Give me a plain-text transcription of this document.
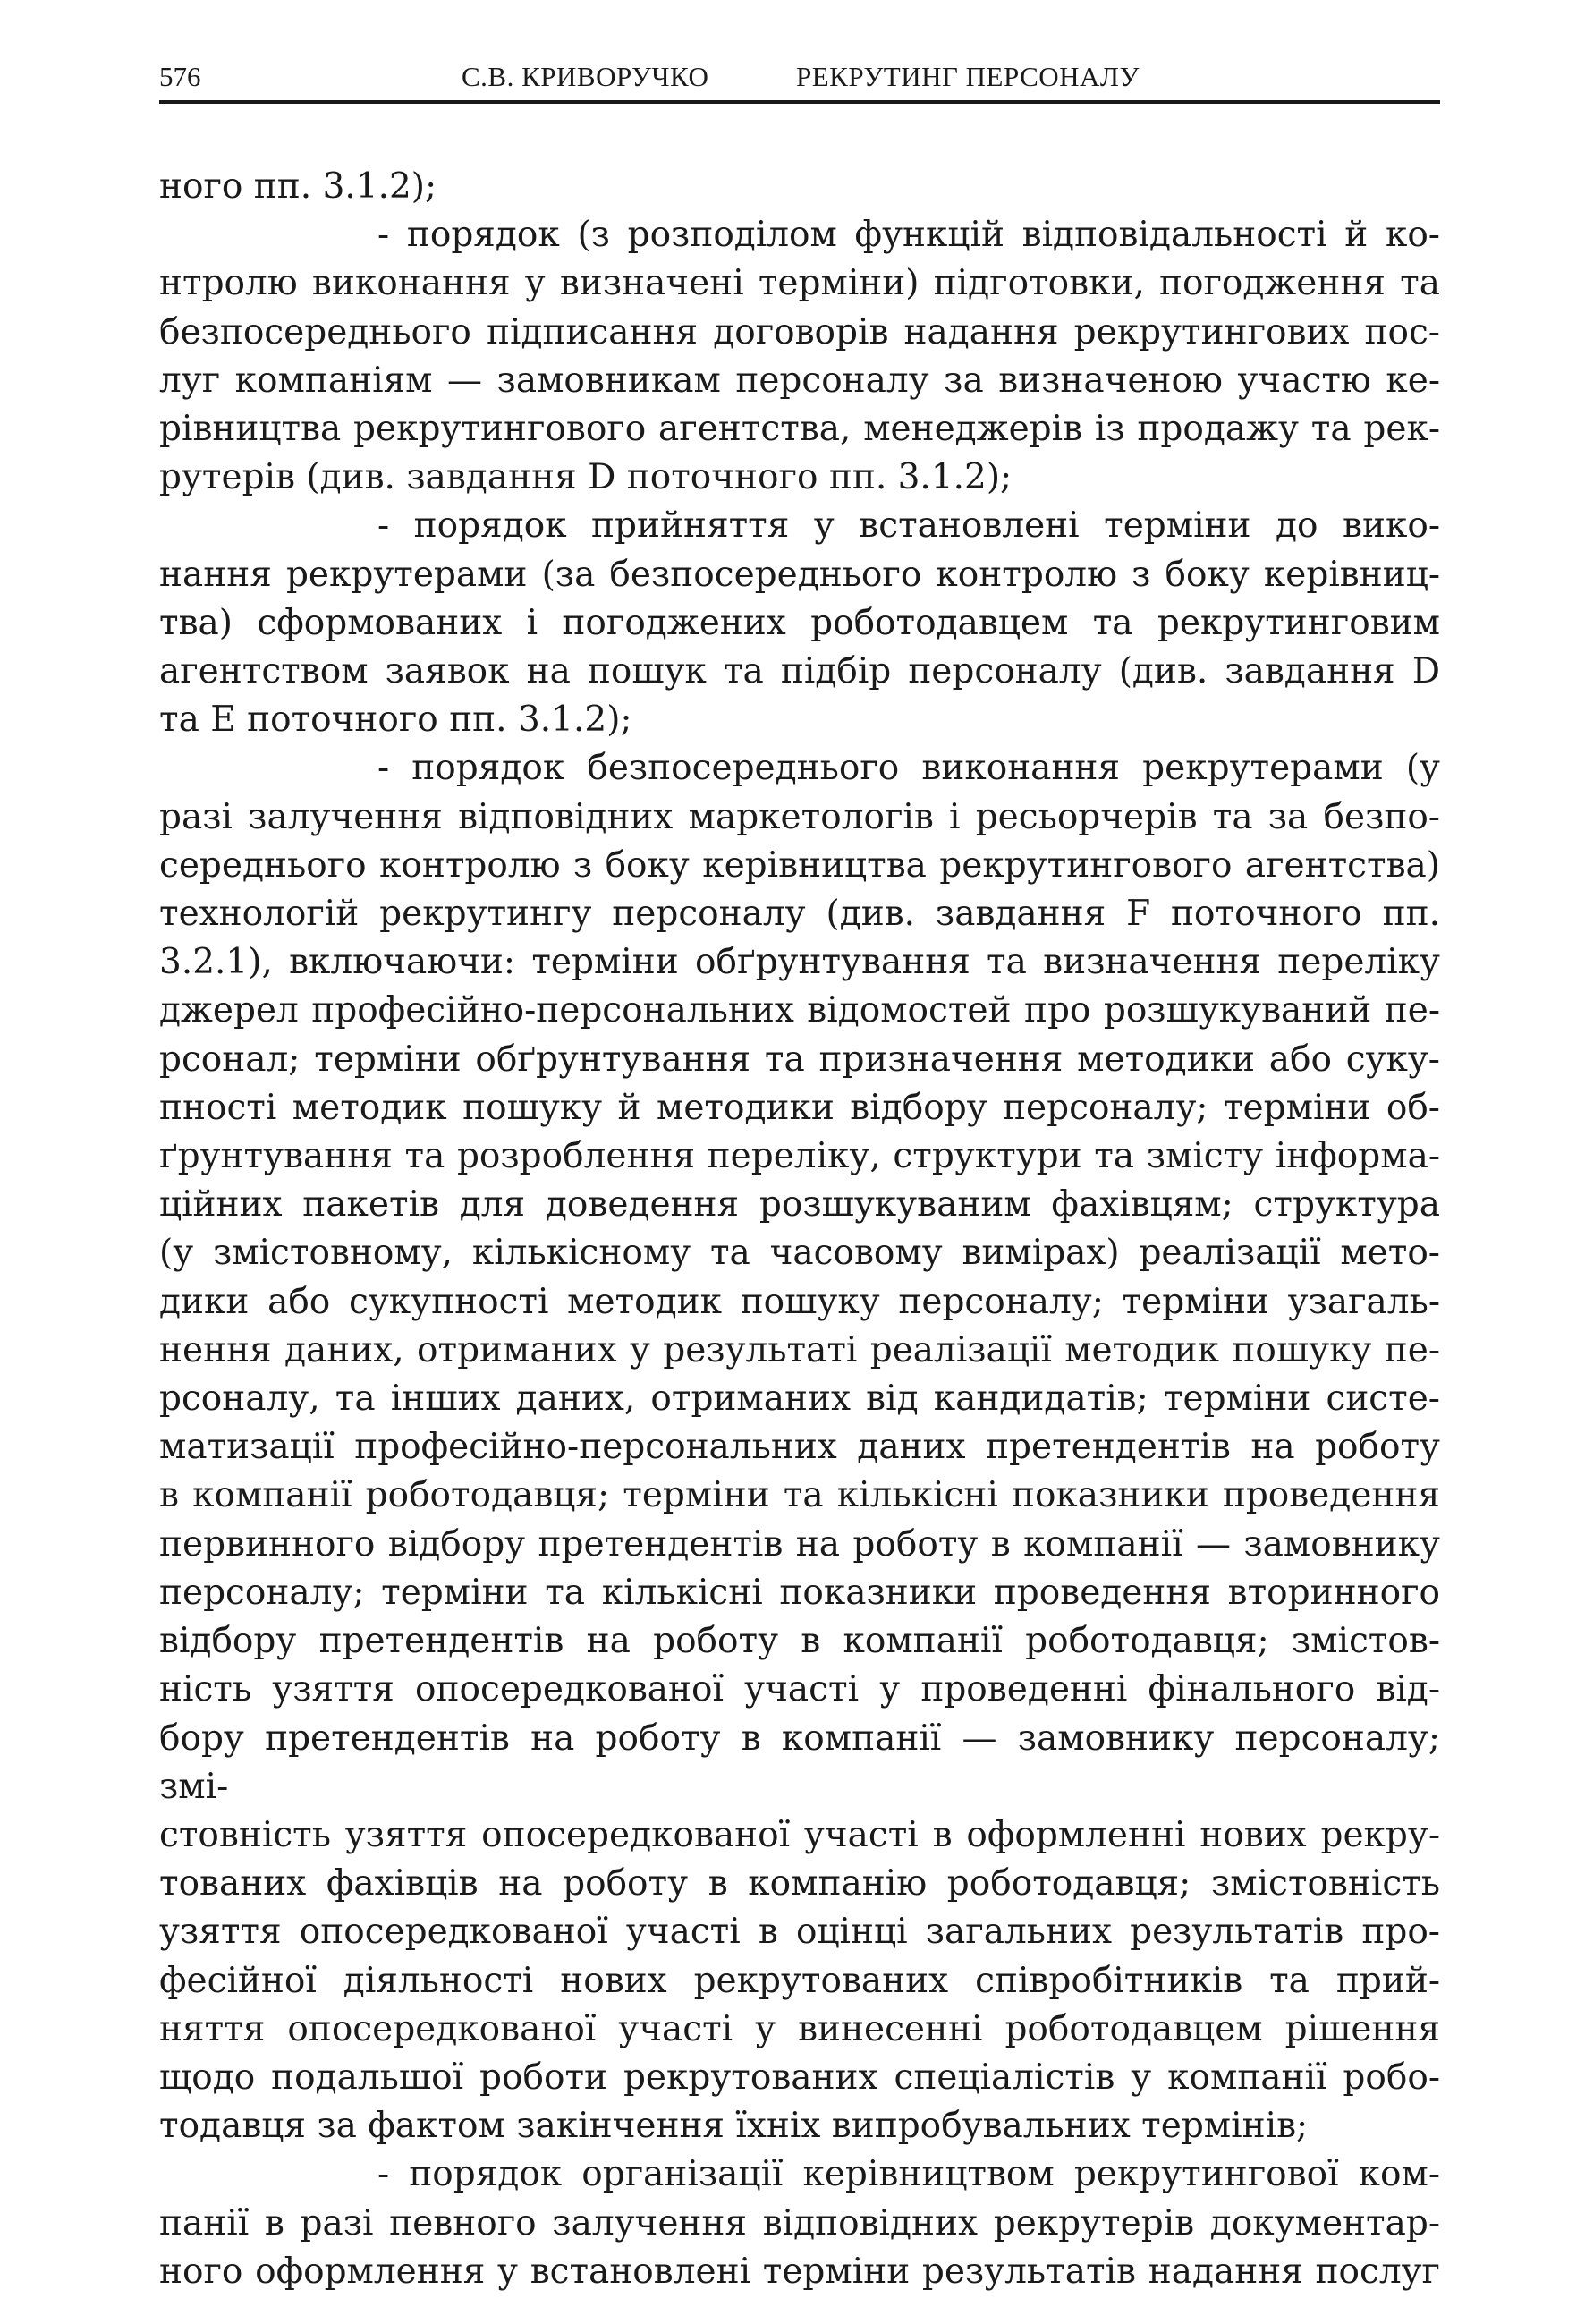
576	С.В. КРИВОРУЧКО	РЕКРУТИНГ ПЕРСОНАЛУ

ного пп. 3.1.2);

- порядок (з розподілом функцій відповідальності й ко-

нтролю виконання у визначені терміни) підготовки, погодження та

безпосереднього підписання договорів надання рекрутингових пос-

луг компаніям — замовникам персоналу за визначеною участю ке-

рівництва рекрутингового агентства, менеджерів із продажу та рек-

рутерів (див. завдання D поточного пп. 3.1.2);

- порядок прийняття у встановлені терміни до вико-

нання рекрутерами (за безпосереднього контролю з боку керівниц-

тва) сформованих і погоджених роботодавцем та рекрутинговим

агентством заявок на пошук та підбір персоналу (див. завдання D

та E поточного пп. 3.1.2);

- порядок безпосереднього виконання рекрутерами (у

разі залучення відповідних маркетологів і ресьорчерів та за безпо-

середнього контролю з боку керівництва рекрутингового агентства)

технологій рекрутингу персоналу (див. завдання F поточного пп.

3.2.1), включаючи: терміни обґрунтування та визначення переліку

джерел професійно-персональних відомостей про розшукуваний пе-

рсонал; терміни обґрунтування та призначення методики або суку-

пності методик пошуку й методики відбору персоналу; терміни об-

ґрунтування та розроблення переліку, структури та змісту інформа-

ційних пакетів для доведення розшукуваним фахівцям; структура

(у змістовному, кількісному та часовому вимірах) реалізації мето-

дики або сукупності методик пошуку персоналу; терміни узагаль-

нення даних, отриманих у результаті реалізації методик пошуку пе-

рсоналу, та інших даних, отриманих від кандидатів; терміни систе-

матизації професійно-персональних даних претендентів на роботу

в компанії роботодавця; терміни та кількісні показники проведення

первинного відбору претендентів на роботу в компанії — замовнику

персоналу; терміни та кількісні показники проведення вторинного

відбору претендентів на роботу в компанії роботодавця; змістов-

ність узяття опосередкованої участі у проведенні фінального від-

бору претендентів на роботу в компанії — замовнику персоналу; змі-

стовність узяття опосередкованої участі в оформленні нових рекру-

тованих фахівців на роботу в компанію роботодавця; змістовність

узяття опосередкованої участі в оцінці загальних результатів про-

фесійної діяльності нових рекрутованих співробітників та прий-

няття опосередкованої участі у винесенні роботодавцем рішення

щодо подальшої роботи рекрутованих спеціалістів у компанії робо-

тодавця за фактом закінчення їхніх випробувальних термінів;

- порядок організації керівництвом рекрутингової ком-

панії в разі певного залучення відповідних рекрутерів документар-

ного оформлення у встановлені терміни результатів надання послуг
